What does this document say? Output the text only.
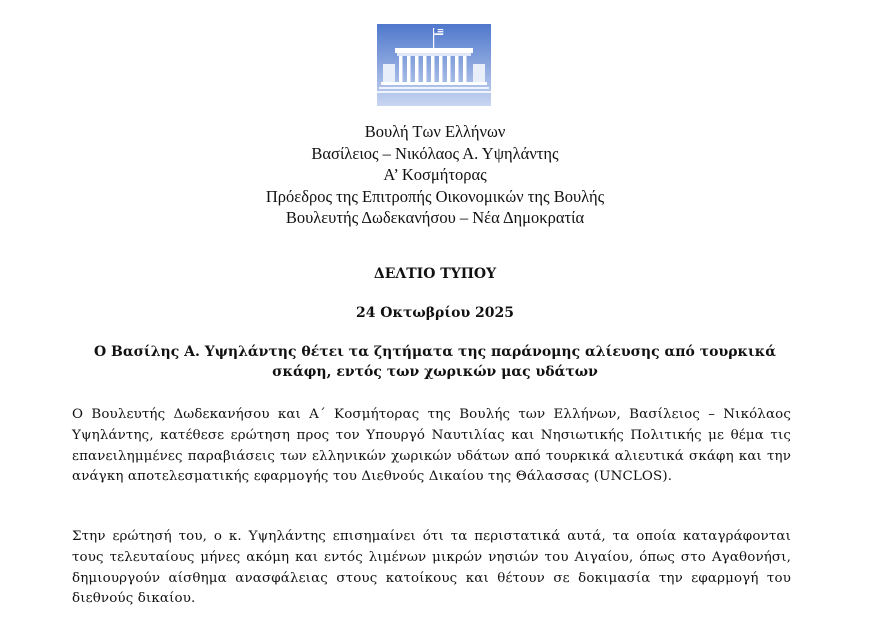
Βουλή Των Ελλήνων
Βασίλειος – Νικόλαος Α. Υψηλάντης
Α’ Κοσμήτορας
Πρόεδρος της Επιτροπής Οικονομικών της Βουλής
Βουλευτής Δωδεκανήσου – Νέα Δημοκρατία
ΔΕΛΤΙΟ ΤΥΠΟΥ
24 Οκτωβρίου 2025
Ο Βασίλης Α. Υψηλάντης θέτει τα ζητήματα της παράνομης αλίευσης από τουρκικά σκάφη, εντός των χωρικών μας υδάτων
Ο Βουλευτής Δωδεκανήσου και Α΄ Κοσμήτορας της Βουλής των Ελλήνων, Βασίλειος – Νικόλαος Υψηλάντης, κατέθεσε ερώτηση προς τον Υπουργό Ναυτιλίας και Νησιωτικής Πολιτικής με θέμα τις επανειλημμένες παραβιάσεις των ελληνικών χωρικών υδάτων από τουρκικά αλιευτικά σκάφη και την ανάγκη αποτελεσματικής εφαρμογής του Διεθνούς Δικαίου της Θάλασσας (UNCLOS).
Στην ερώτησή του, ο κ. Υψηλάντης επισημαίνει ότι τα περιστατικά αυτά, τα οποία καταγράφονται τους τελευταίους μήνες ακόμη και εντός λιμένων μικρών νησιών του Αιγαίου, όπως στο Αγαθονήσι, δημιουργούν αίσθημα ανασφάλειας στους κατοίκους και θέτουν σε δοκιμασία την εφαρμογή του διεθνούς δικαίου.
